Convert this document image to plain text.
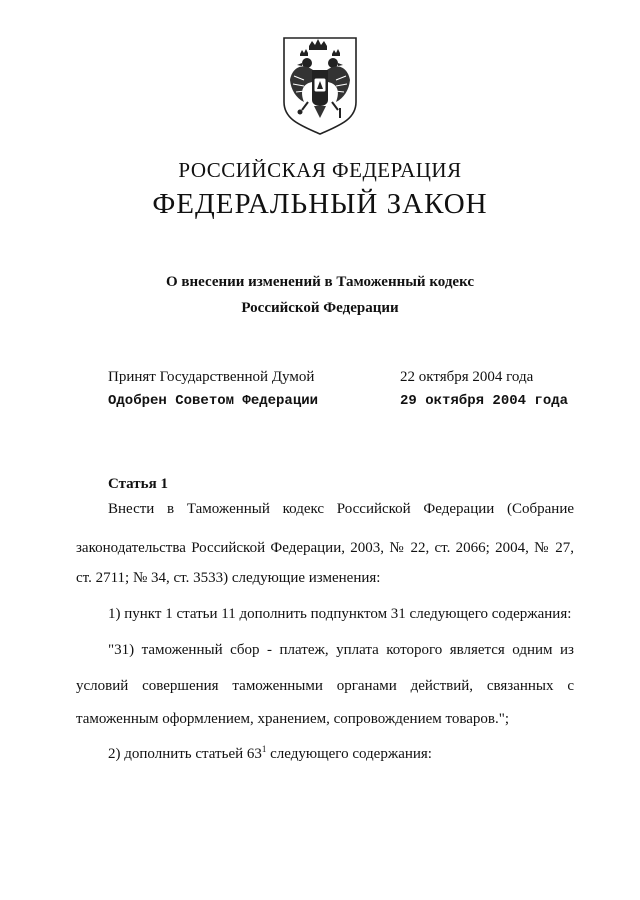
РОССИЙСКАЯ ФЕДЕРАЦИЯ
ФЕДЕРАЛЬНЫЙ ЗАКОН
О внесении изменений в Таможенный кодекс
Российской Федерации
Принят Государственной Думой	22 октября 2004 года
Одобрен Советом Федерации	29 октября 2004 года
Статья 1
Внести в Таможенный кодекс Российской Федерации (Собрание
законодательства Российской Федерации, 2003, № 22, ст. 2066; 2004, № 27,
ст. 2711; № 34, ст. 3533) следующие изменения:
1) пункт 1 статьи 11 дополнить подпунктом 31 следующего содержания:
"31) таможенный сбор - платеж, уплата которого является одним из
условий совершения таможенными органами действий, связанных с
таможенным оформлением, хранением, сопровождением товаров.";
2) дополнить статьей $63^1$ следующего содержания:
